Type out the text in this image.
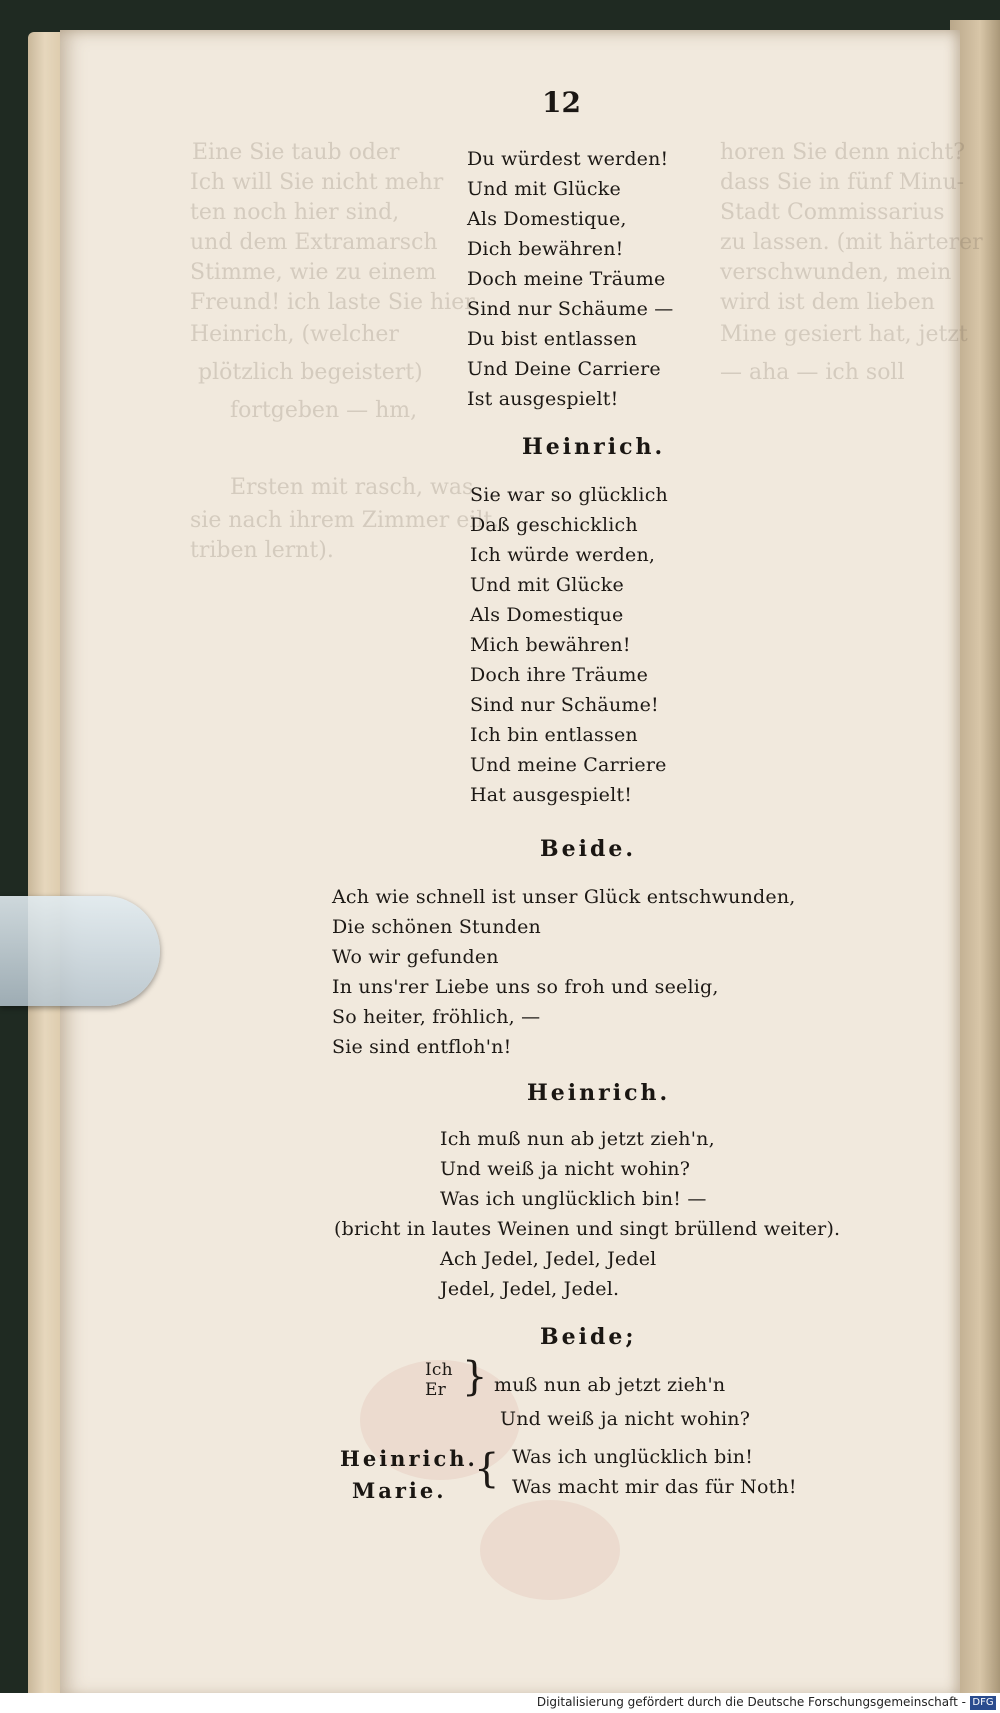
Eine Sie taub oder
Ich will Sie nicht mehr
ten noch hier sind,
und dem Extramarsch
Stimme, wie zu einem
Freund! ich laste Sie hier
Heinrich, (welcher
plötzlich begeistert)
fortgeben — hm,
Ersten mit rasch, was
sie nach ihrem Zimmer eilt,
triben lernt).
horen Sie denn nicht?
dass Sie in fünf Minu-
Stadt Commissarius
zu lassen. (mit härterer
verschwunden, mein
wird ist dem lieben
Mine gesiert hat, jetzt
— aha — ich soll
12
Du würdest werden!
Und mit Glücke
Als Domestique,
Dich bewähren!
Doch meine Träume
Sind nur Schäume —
Du bist entlassen
Und Deine Carriere
Ist ausgespielt!
Heinrich.
Sie war so glücklich
Daß geschicklich
Ich würde werden,
Und mit Glücke
Als Domestique
Mich bewähren!
Doch ihre Träume
Sind nur Schäume!
Ich bin entlassen
Und meine Carriere
Hat ausgespielt!
Beide.
Ach wie schnell ist unser Glück entschwunden,
Die schönen Stunden
Wo wir gefunden
In uns'rer Liebe uns so froh und seelig,
So heiter, fröhlich, —
Sie sind entfloh'n!
Heinrich.
Ich muß nun ab jetzt zieh'n,
Und weiß ja nicht wohin?
Was ich unglücklich bin! —
(bricht in lautes Weinen und singt brüllend weiter).
Ach Jedel, Jedel, Jedel
Jedel, Jedel, Jedel.
Beide;
Ich
Er } muß nun ab jetzt zieh'n
Und weiß ja nicht wohin?
Heinrich.
Marie. { Was ich unglücklich bin!
Was macht mir das für Noth!
Digitalisierung gefördert durch die Deutsche Forschungsgemeinschaft - DFG
